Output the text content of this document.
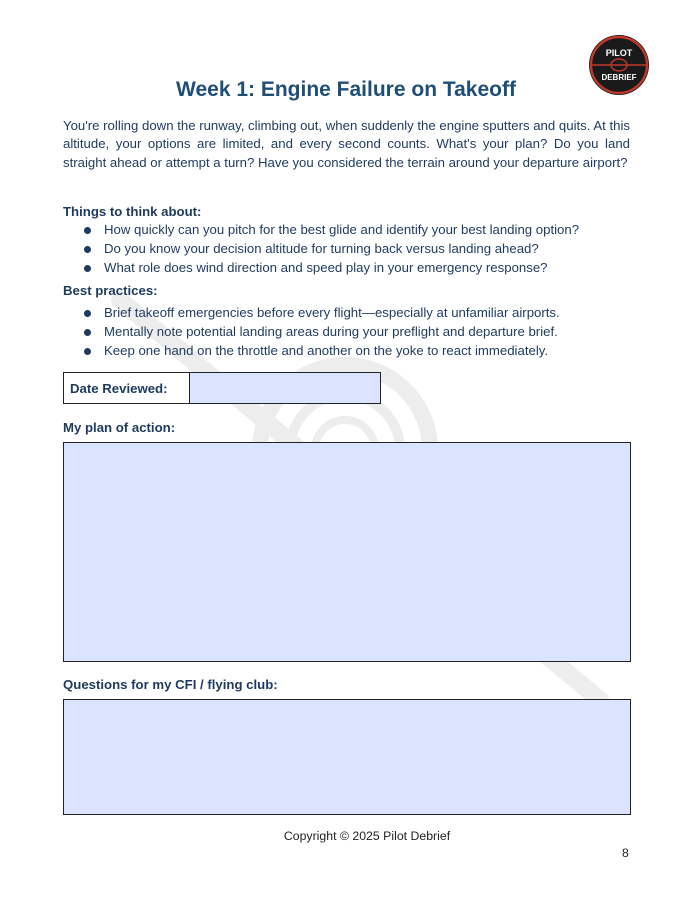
PILOT
DEBRIEF
Week 1: Engine Failure on Takeoff

You're rolling down the runway, climbing out, when suddenly the engine sputters and quits. At this altitude, your options are limited, and every second counts. What's your plan? Do you land straight ahead or attempt a turn? Have you considered the terrain around your departure airport?

Things to think about:
How quickly can you pitch for the best glide and identify your best landing option?
Do you know your decision altitude for turning back versus landing ahead?
What role does wind direction and speed play in your emergency response?
Best practices:
Brief takeoff emergencies before every flight—especially at unfamiliar airports.
Mentally note potential landing areas during your preflight and departure brief.
Keep one hand on the throttle and another on the yoke to react immediately.
Date Reviewed:
My plan of action:
Questions for my CFI / flying club:
Copyright © 2025 Pilot Debrief
8
